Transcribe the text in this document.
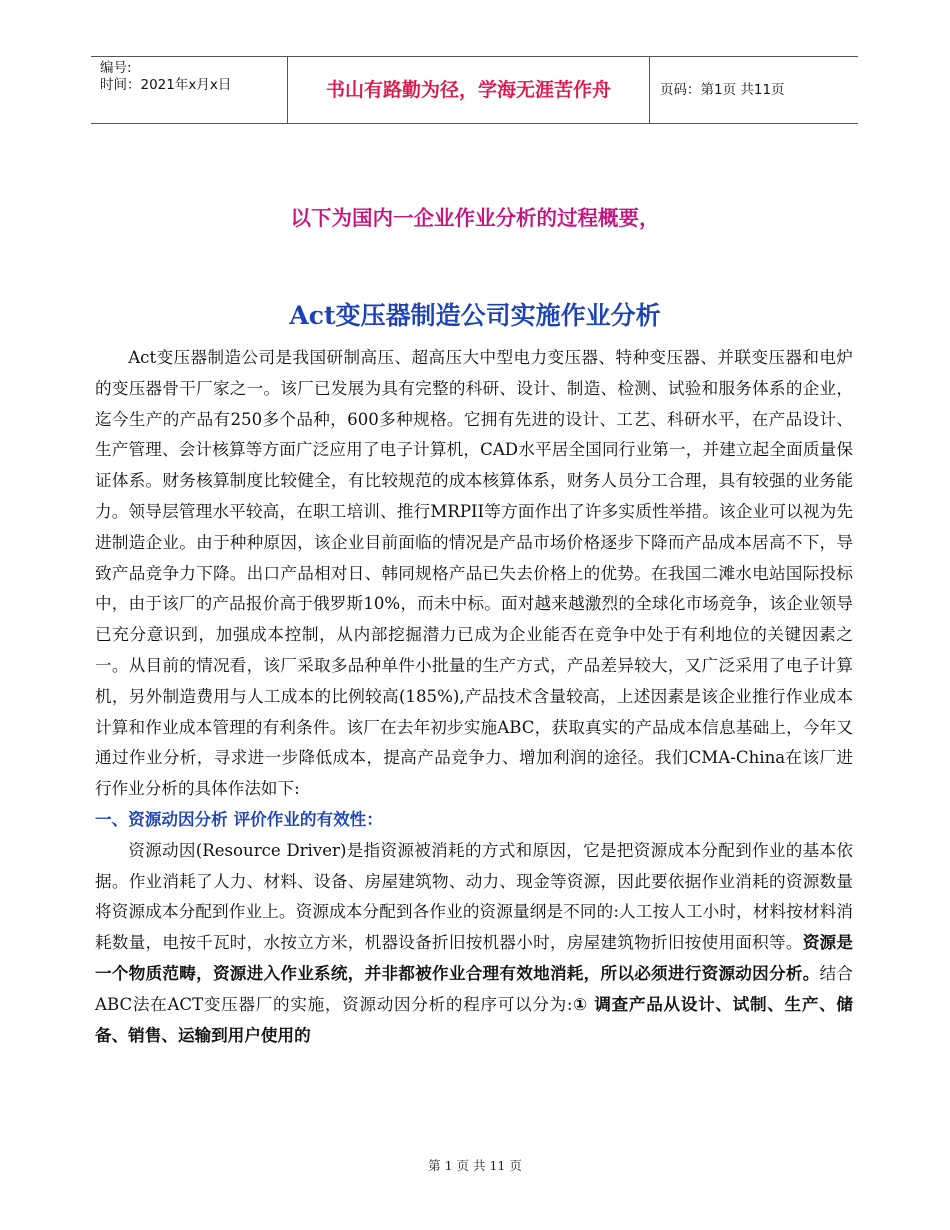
编号:
时间：2021年x月x日	书山有路勤为径，学海无涯苦作舟	页码：第1页 共11页
以下为国内一企业作业分析的过程概要，
Act变压器制造公司实施作业分析

Act变压器制造公司是我国研制高压、超高压大中型电力变压器、特种变压器、并联变压器和电炉的变压器骨干厂家之一。该厂已发展为具有完整的科研、设计、制造、检测、试验和服务体系的企业，迄今生产的产品有250多个品种，600多种规格。它拥有先进的设计、工艺、科研水平，在产品设计、生产管理、会计核算等方面广泛应用了电子计算机，CAD水平居全国同行业第一，并建立起全面质量保证体系。财务核算制度比较健全，有比较规范的成本核算体系，财务人员分工合理，具有较强的业务能力。领导层管理水平较高，在职工培训、推行MRPII等方面作出了许多实质性举措。该企业可以视为先进制造企业。由于种种原因，该企业目前面临的情况是产品市场价格逐步下降而产品成本居高不下，导致产品竞争力下降。出口产品相对日、韩同规格产品已失去价格上的优势。在我国二滩水电站国际投标中，由于该厂的产品报价高于俄罗斯10%，而未中标。面对越来越激烈的全球化市场竞争，该企业领导已充分意识到，加强成本控制，从内部挖掘潜力已成为企业能否在竞争中处于有利地位的关键因素之一。从目前的情况看，该厂采取多品种单件小批量的生产方式，产品差异较大，又广泛采用了电子计算机，另外制造费用与人工成本的比例较高(185%),产品技术含量较高，上述因素是该企业推行作业成本计算和作业成本管理的有利条件。该厂在去年初步实施ABC，获取真实的产品成本信息基础上，今年又通过作业分析，寻求进一步降低成本，提高产品竞争力、增加利润的途径。我们CMA-China在该厂进行作业分析的具体作法如下:

一、资源动因分析 评价作业的有效性：

资源动因(Resource Driver)是指资源被消耗的方式和原因，它是把资源成本分配到作业的基本依据。作业消耗了人力、材料、设备、房屋建筑物、动力、现金等资源，因此要依据作业消耗的资源数量将资源成本分配到作业上。资源成本分配到各作业的资源量纲是不同的:人工按人工小时，材料按材料消耗数量，电按千瓦时，水按立方米，机器设备折旧按机器小时，房屋建筑物折旧按使用面积等。资源是一个物质范畴，资源进入作业系统，并非都被作业合理有效地消耗，所以必须进行资源动因分析。结合ABC法在ACT变压器厂的实施，资源动因分析的程序可以分为:① 调查产品从设计、试制、生产、储备、销售、运输到用户使用的

第 1 页 共 11 页
